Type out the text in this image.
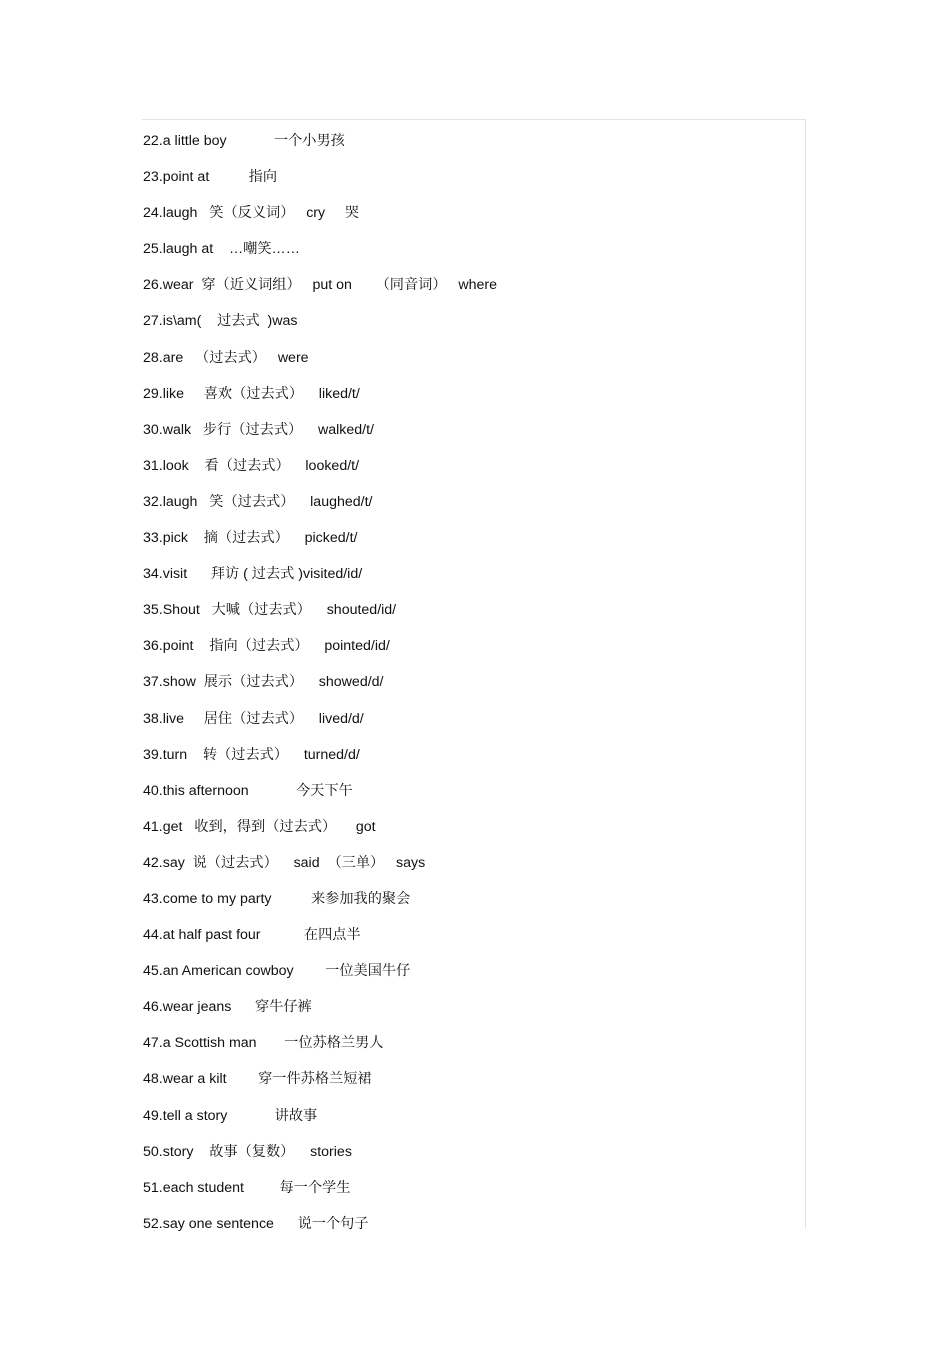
22.a little boy            一个小男孩
23.point at          指向
24.laugh   笑（反义词）   cry     哭
25.laugh at    …嘲笑……
26.wear  穿（近义词组）   put on      （同音词）   where
27.is\am(    过去式  )was
28.are   （过去式）   were
29.like     喜欢（过去式）    liked/t/
30.walk   步行（过去式）    walked/t/
31.look    看（过去式）    looked/t/
32.laugh   笑（过去式）    laughed/t/
33.pick    摘（过去式）    picked/t/
34.visit      拜访 ( 过去式 )visited/id/
35.Shout   大喊（过去式）    shouted/id/
36.point    指向（过去式）    pointed/id/
37.show  展示（过去式）    showed/d/
38.live     居住（过去式）    lived/d/
39.turn    转（过去式）    turned/d/
40.this afternoon            今天下午
41.get   收到，得到（过去式）     got
42.say  说（过去式）    said  （三单）   says
43.come to my party          来参加我的聚会
44.at half past four           在四点半
45.an American cowboy        一位美国牛仔
46.wear jeans      穿牛仔裤
47.a Scottish man       一位苏格兰男人
48.wear a kilt        穿一件苏格兰短裙
49.tell a story            讲故事
50.story    故事（复数）    stories
51.each student         每一个学生
52.say one sentence      说一个句子
